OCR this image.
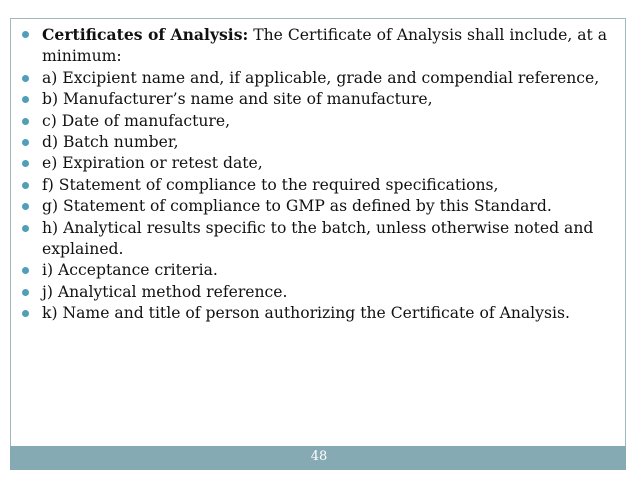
48
Certificates of Analysis: The Certificate of Analysis shall include, at a minimum:
a) Excipient name and, if applicable, grade and compendial reference,
b) Manufacturer’s name and site of manufacture,
c) Date of manufacture,
d) Batch number,
e) Expiration or retest date,
f) Statement of compliance to the required specifications,
g) Statement of compliance to GMP as defined by this Standard.
h) Analytical results specific to the batch, unless otherwise noted and explained.
i) Acceptance criteria.
j) Analytical method reference.
k) Name and title of person authorizing the Certificate of Analysis.
